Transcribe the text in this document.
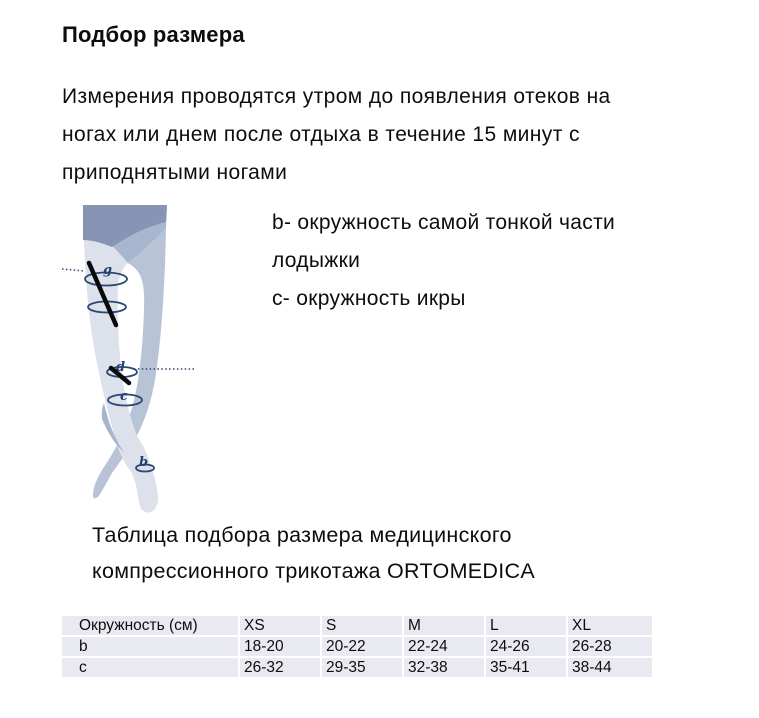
Подбор размера
Измерения проводятся утром до появления отеков на
ногах или днем после отдыха в течение 15 минут с
приподнятыми ногами
g
d
c
b
b- окружность самой тонкой части
лодыжки
c- окружность икры
Таблица подбора размера медицинского
компрессионного трикотажа ORTOMEDICA
Окружность (см)	XS	S	M	L	XL
b	18-20	20-22	22-24	24-26	26-28
c	26-32	29-35	32-38	35-41	38-44
